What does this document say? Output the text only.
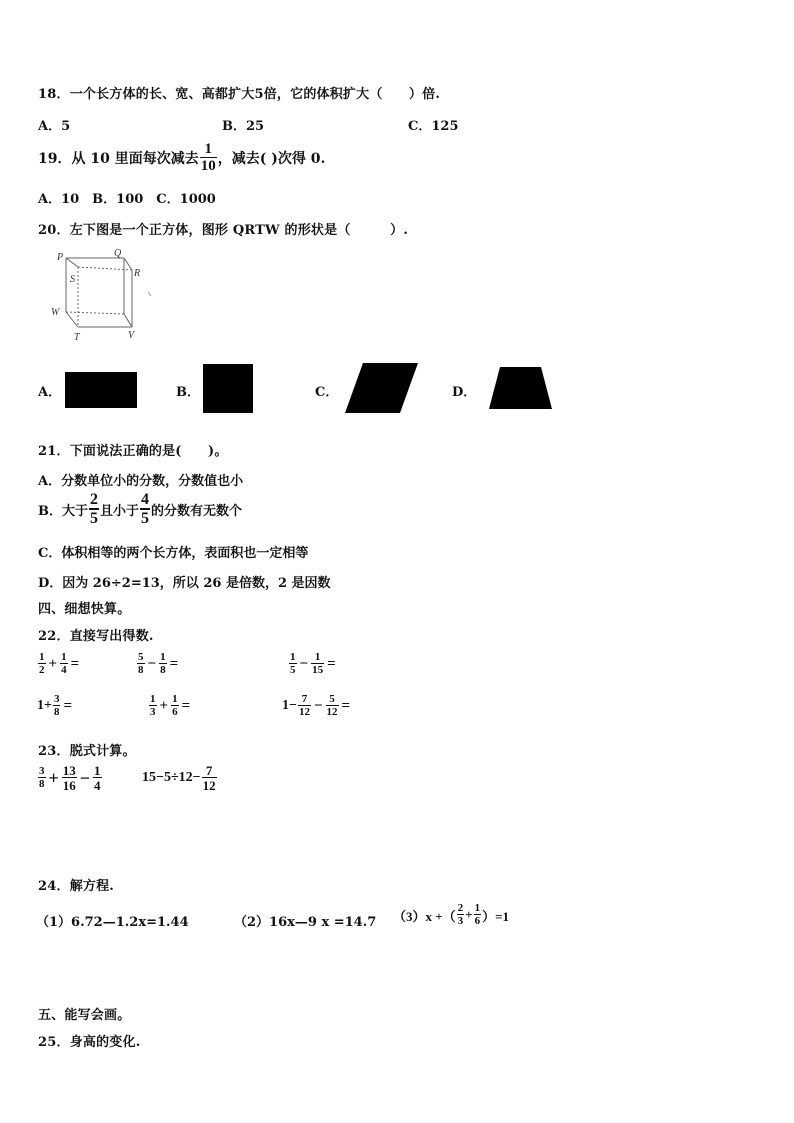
18．一个长方体的长、宽、高都扩大5倍，它的体积扩大（　　）倍.
A．5	B．25	C．125
19．从 10 里面每次减去 $\frac{1}{10}$ ，减去( )次得 0.
A．10　B．100　C．1000
20．左下图是一个正方体，图形 QRTW 的形状是（　　　）.
P	Q
R
S
W
T	V
A．	B．	C．	D．
21．下面说法正确的是(　　)。
A．分数单位小的分数，分数值也小
B．大于 $\frac{2}{5}$ 且小于 $\frac{4}{5}$ 的分数有无数个
C．体积相等的两个长方体，表面积也一定相等
D．因为 26÷2=13，所以 26 是倍数，2 是因数
四、细想快算。
22．直接写出得数.
$\frac{1}{2} + \frac{1}{4}$ =	$\frac{5}{8} - \frac{1}{8}$ =	$\frac{1}{5} - \frac{1}{15}$ =
$1+ \frac{3}{8}$ =	$\frac{1}{3} + \frac{1}{6}$ =	$1- \frac{7}{12} - \frac{5}{12}$ =
23．脱式计算。
$\frac{3}{8} + \frac{13}{16} - \frac{1}{4}$	$15-5\div 12- \frac{7}{12}$
24．解方程.
（1）6.72—1.2x=1.44	（2）16x—9 x =14.7 （3）x +（ $\frac{2}{3} + \frac{1}{6} )=1$
五、能写会画。
25．身高的变化.
